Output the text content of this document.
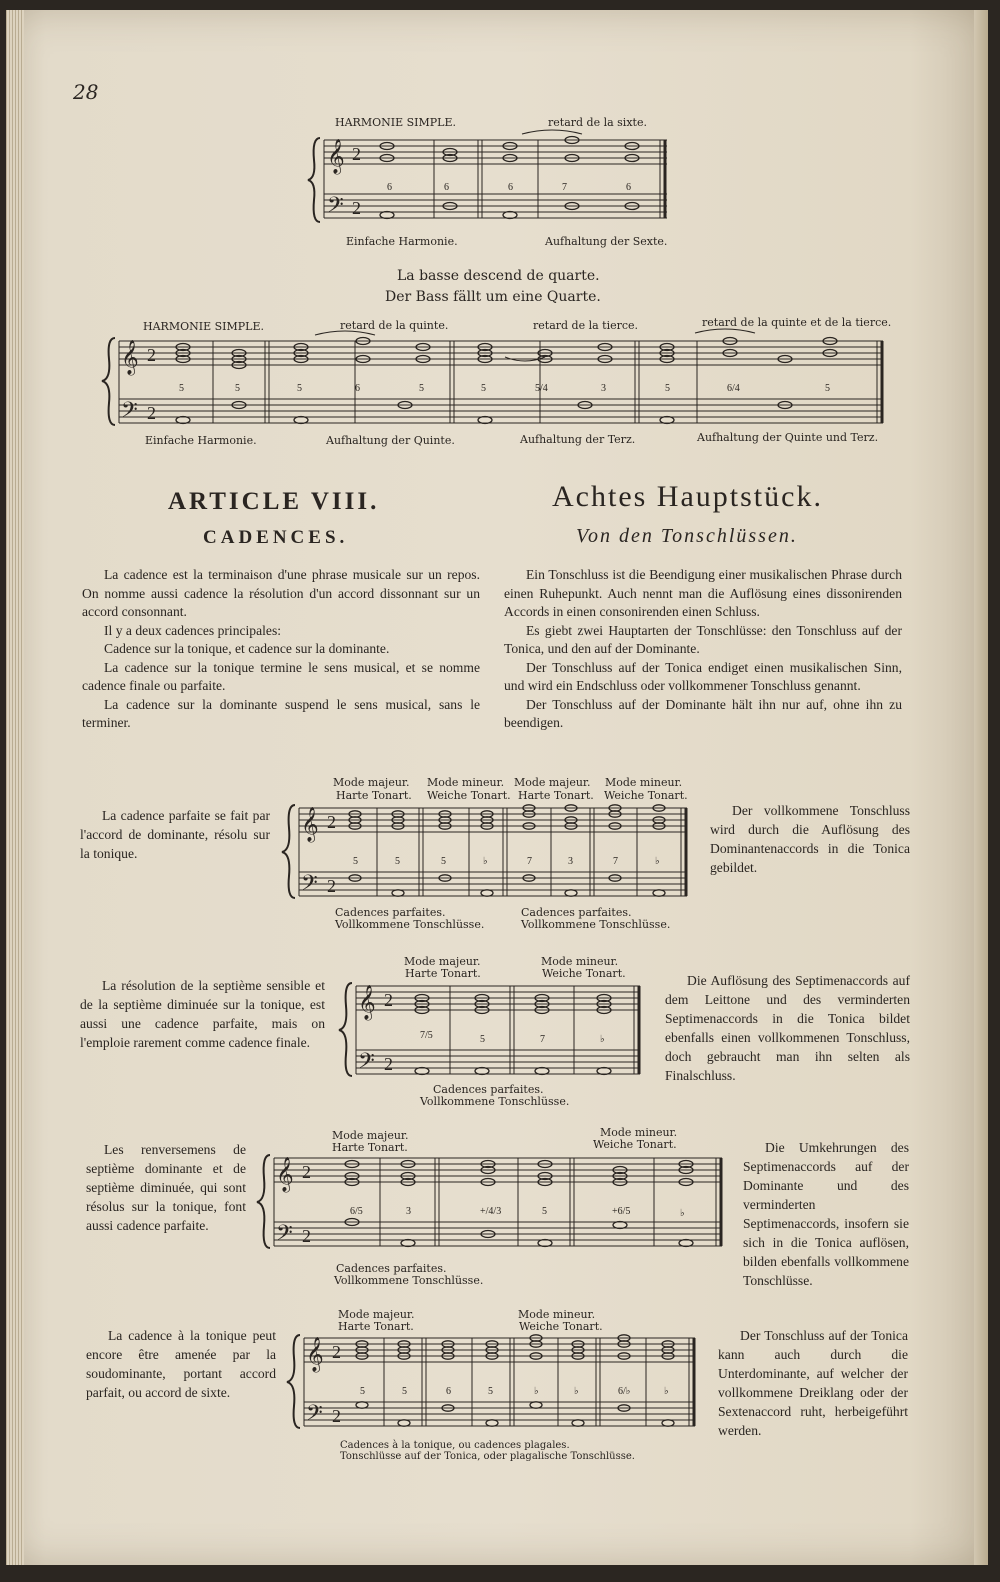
28
HARMONIE SIMPLE.	retard de la sixte.
𝄞
𝄢
2
2
6	6	6	7	6
Einfache Harmonie.	Aufhaltung der Sexte.
La basse descend de quarte.
Der Bass fällt um eine Quarte.
HARMONIE SIMPLE.	retard de la quinte.	retard de la tierce.	retard de la quinte et de la tierce.
𝄞
𝄢
2
2
5	5	5	6	5	5	5/4	3	5	6/4	5
Einfache Harmonie.	Aufhaltung der Quinte.	Aufhaltung der Terz.	Aufhaltung der Quinte und Terz.
ARTICLE VIII.
CADENCES.
Achtes Hauptstück.
Von den Tonschlüssen.

La cadence est la terminaison d'une phrase musicale sur un repos. On nomme aussi cadence la résolution d'un accord dissonnant sur un accord consonnant.

Il y a deux cadences principales:

Cadence sur la tonique, et cadence sur la dominante.

La cadence sur la tonique termine le sens musical, et se nomme cadence finale ou parfaite.

La cadence sur la dominante suspend le sens musical, sans le terminer.

Ein Tonschluss ist die Beendigung einer musikalischen Phrase durch einen Ruhepunkt. Auch nennt man die Auflösung eines dissonirenden Accords in einen consonirenden einen Schluss.

Es giebt zwei Hauptarten der Tonschlüsse: den Tonschluss auf der Tonica, und den auf der Dominante.

Der Tonschluss auf der Tonica endiget einen musikalischen Sinn, und wird ein Endschluss oder vollkommener Tonschluss genannt.

Der Tonschluss auf der Dominante hält ihn nur auf, ohne ihn zu beendigen.

La cadence parfaite se fait par l'accord de dominante, résolu sur la tonique.
Der vollkommene Tonschluss wird durch die Auflösung des Dominantenaccords in die Tonica gebildet.
Mode majeur.
Harte Tonart.
Mode mineur.
Weiche Tonart.
Mode majeur.
Harte Tonart.
Mode mineur.
Weiche Tonart.
𝄞
𝄢
2
2
5	5	5	♭	7	3	7	♭
Cadences parfaites.
Vollkommene Tonschlüsse.
Cadences parfaites.
Vollkommene Tonschlüsse.
La résolution de la septième sensible et de la septième diminuée sur la tonique, est aussi une cadence parfaite, mais on l'emploie rarement comme cadence finale.
Die Auflösung des Septimenaccords auf dem Leittone und des verminderten Septimenaccords in die Tonica bildet ebenfalls einen vollkommenen Tonschluss, doch gebraucht man ihn selten als Finalschluss.
Mode majeur.
Harte Tonart.
Mode mineur.
Weiche Tonart.
𝄞
𝄢
2
2
7/5	5	7	♭
Cadences parfaites.
Vollkommene Tonschlüsse.
Les renversemens de septième dominante et de septième diminuée, qui sont résolus sur la tonique, font aussi cadence parfaite.
Die Umkehrungen des Septimenaccords auf der Dominante und des verminderten Septimenaccords, insofern sie sich in die Tonica auflösen, bilden ebenfalls vollkommene Tonschlüsse.
Mode majeur.
Harte Tonart.
Mode mineur.
Weiche Tonart.
𝄞
𝄢
2
2
6/5	3	+/4/3	5	+6/5	♭
Cadences parfaites.
Vollkommene Tonschlüsse.
La cadence à la tonique peut encore être amenée par la soudominante, portant accord parfait, ou accord de sixte.
Der Tonschluss auf der Tonica kann auch durch die Unterdominante, auf welcher der vollkommene Dreiklang oder der Sextenaccord ruht, herbeigeführt werden.
Mode majeur.
Harte Tonart.
Mode mineur.
Weiche Tonart.
𝄞
𝄢
2
2
5	5	6	5	♭	♭	6/♭	♭
Cadences à la tonique, ou cadences plagales.
Tonschlüsse auf der Tonica, oder plagalische Tonschlüsse.
